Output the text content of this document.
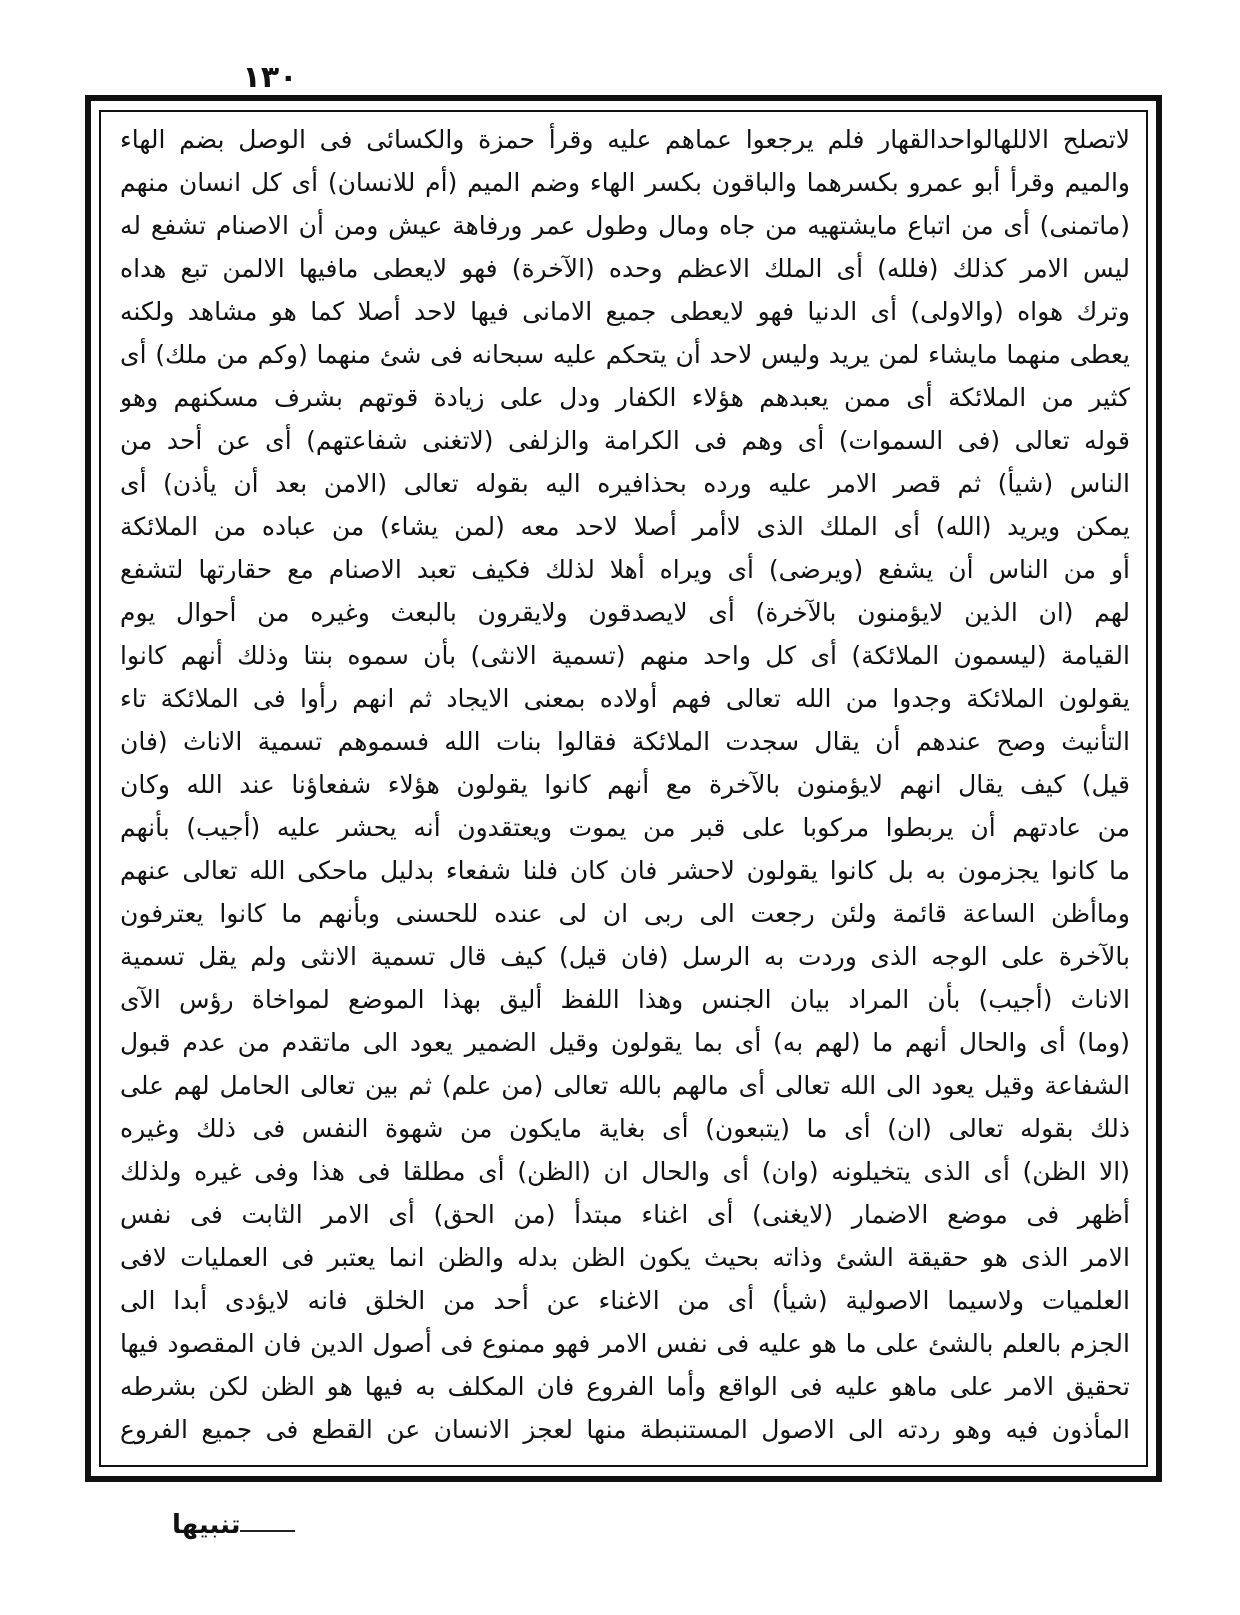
١٣٠
لاتصلح الاللهالواحدالقهار فلم يرجعوا عماهم عليه وقرأ حمزة والكسائى فى الوصل بضم الهاء
والميم وقرأ أبو عمرو بكسرهما والباقون بكسر الهاء وضم الميم (أم للانسان) أى كل انسان منهم
(ماتمنى) أى من اتباع مايشتهيه من جاه ومال وطول عمر ورفاهة عيش ومن أن الاصنام تشفع له
ليس الامر كذلك (فلله) أى الملك الاعظم وحده (الآخرة) فهو لايعطى مافيها الالمن تبع هداه
وترك هواه (والاولى) أى الدنيا فهو لايعطى جميع الامانى فيها لاحد أصلا كما هو مشاهد ولكنه
يعطى منهما مايشاء لمن يريد وليس لاحد أن يتحكم عليه سبحانه فى شئ منهما (وكم من ملك) أى
كثير من الملائكة أى ممن يعبدهم هؤلاء الكفار ودل على زيادة قوتهم بشرف مسكنهم وهو
قوله تعالى (فى السموات) أى وهم فى الكرامة والزلفى (لاتغنى شفاعتهم) أى عن أحد من
الناس (شيأ) ثم قصر الامر عليه ورده بحذافيره اليه بقوله تعالى (الامن بعد أن يأذن) أى
يمكن ويريد (الله) أى الملك الذى لاأمر أصلا لاحد معه (لمن يشاء) من عباده من الملائكة
أو من الناس أن يشفع (ويرضى) أى ويراه أهلا لذلك فكيف تعبد الاصنام مع حقارتها لتشفع
لهم (ان الذين لايؤمنون بالآخرة) أى لايصدقون ولايقرون بالبعث وغيره من أحوال يوم
القيامة (ليسمون الملائكة) أى كل واحد منهم (تسمية الانثى) بأن سموه بنتا وذلك أنهم كانوا
يقولون الملائكة وجدوا من الله تعالى فهم أولاده بمعنى الايجاد ثم انهم رأوا فى الملائكة تاء
التأنيث وصح عندهم أن يقال سجدت الملائكة فقالوا بنات الله فسموهم تسمية الاناث (فان
قيل) كيف يقال انهم لايؤمنون بالآخرة مع أنهم كانوا يقولون هؤلاء شفعاؤنا عند الله وكان
من عادتهم أن يربطوا مركوبا على قبر من يموت ويعتقدون أنه يحشر عليه (أجيب) بأنهم
ما كانوا يجزمون به بل كانوا يقولون لاحشر فان كان فلنا شفعاء بدليل ماحكى الله تعالى عنهم
وماأظن الساعة قائمة ولئن رجعت الى ربى ان لى عنده للحسنى وبأنهم ما كانوا يعترفون
بالآخرة على الوجه الذى وردت به الرسل (فان قيل) كيف قال تسمية الانثى ولم يقل تسمية
الاناث (أجيب) بأن المراد بيان الجنس وهذا اللفظ أليق بهذا الموضع لمواخاة رؤس الآى
(وما) أى والحال أنهم ما (لهم به) أى بما يقولون وقيل الضمير يعود الى ماتقدم من عدم قبول
الشفاعة وقيل يعود الى الله تعالى أى مالهم بالله تعالى (من علم) ثم بين تعالى الحامل لهم على
ذلك بقوله تعالى (ان) أى ما (يتبعون) أى بغاية مايكون من شهوة النفس فى ذلك وغيره
(الا الظن) أى الذى يتخيلونه (وان) أى والحال ان (الظن) أى مطلقا فى هذا وفى غيره ولذلك
أظهر فى موضع الاضمار (لايغنى) أى اغناء مبتدأ (من الحق) أى الامر الثابت فى نفس
الامر الذى هو حقيقة الشئ وذاته بحيث يكون الظن بدله والظن انما يعتبر فى العمليات لافى
العلميات ولاسيما الاصولية (شيأ) أى من الاغناء عن أحد من الخلق فانه لايؤدى أبدا الى
الجزم بالعلم بالشئ على ما هو عليه فى نفس الامر فهو ممنوع فى أصول الدين فان المقصود فيها
تحقيق الامر على ماهو عليه فى الواقع وأما الفروع فان المكلف به فيها هو الظن لكن بشرطه
المأذون فيه وهو ردته الى الاصول المستنبطة منها لعجز الانسان عن القطع فى جميع الفروع
تنبيها
